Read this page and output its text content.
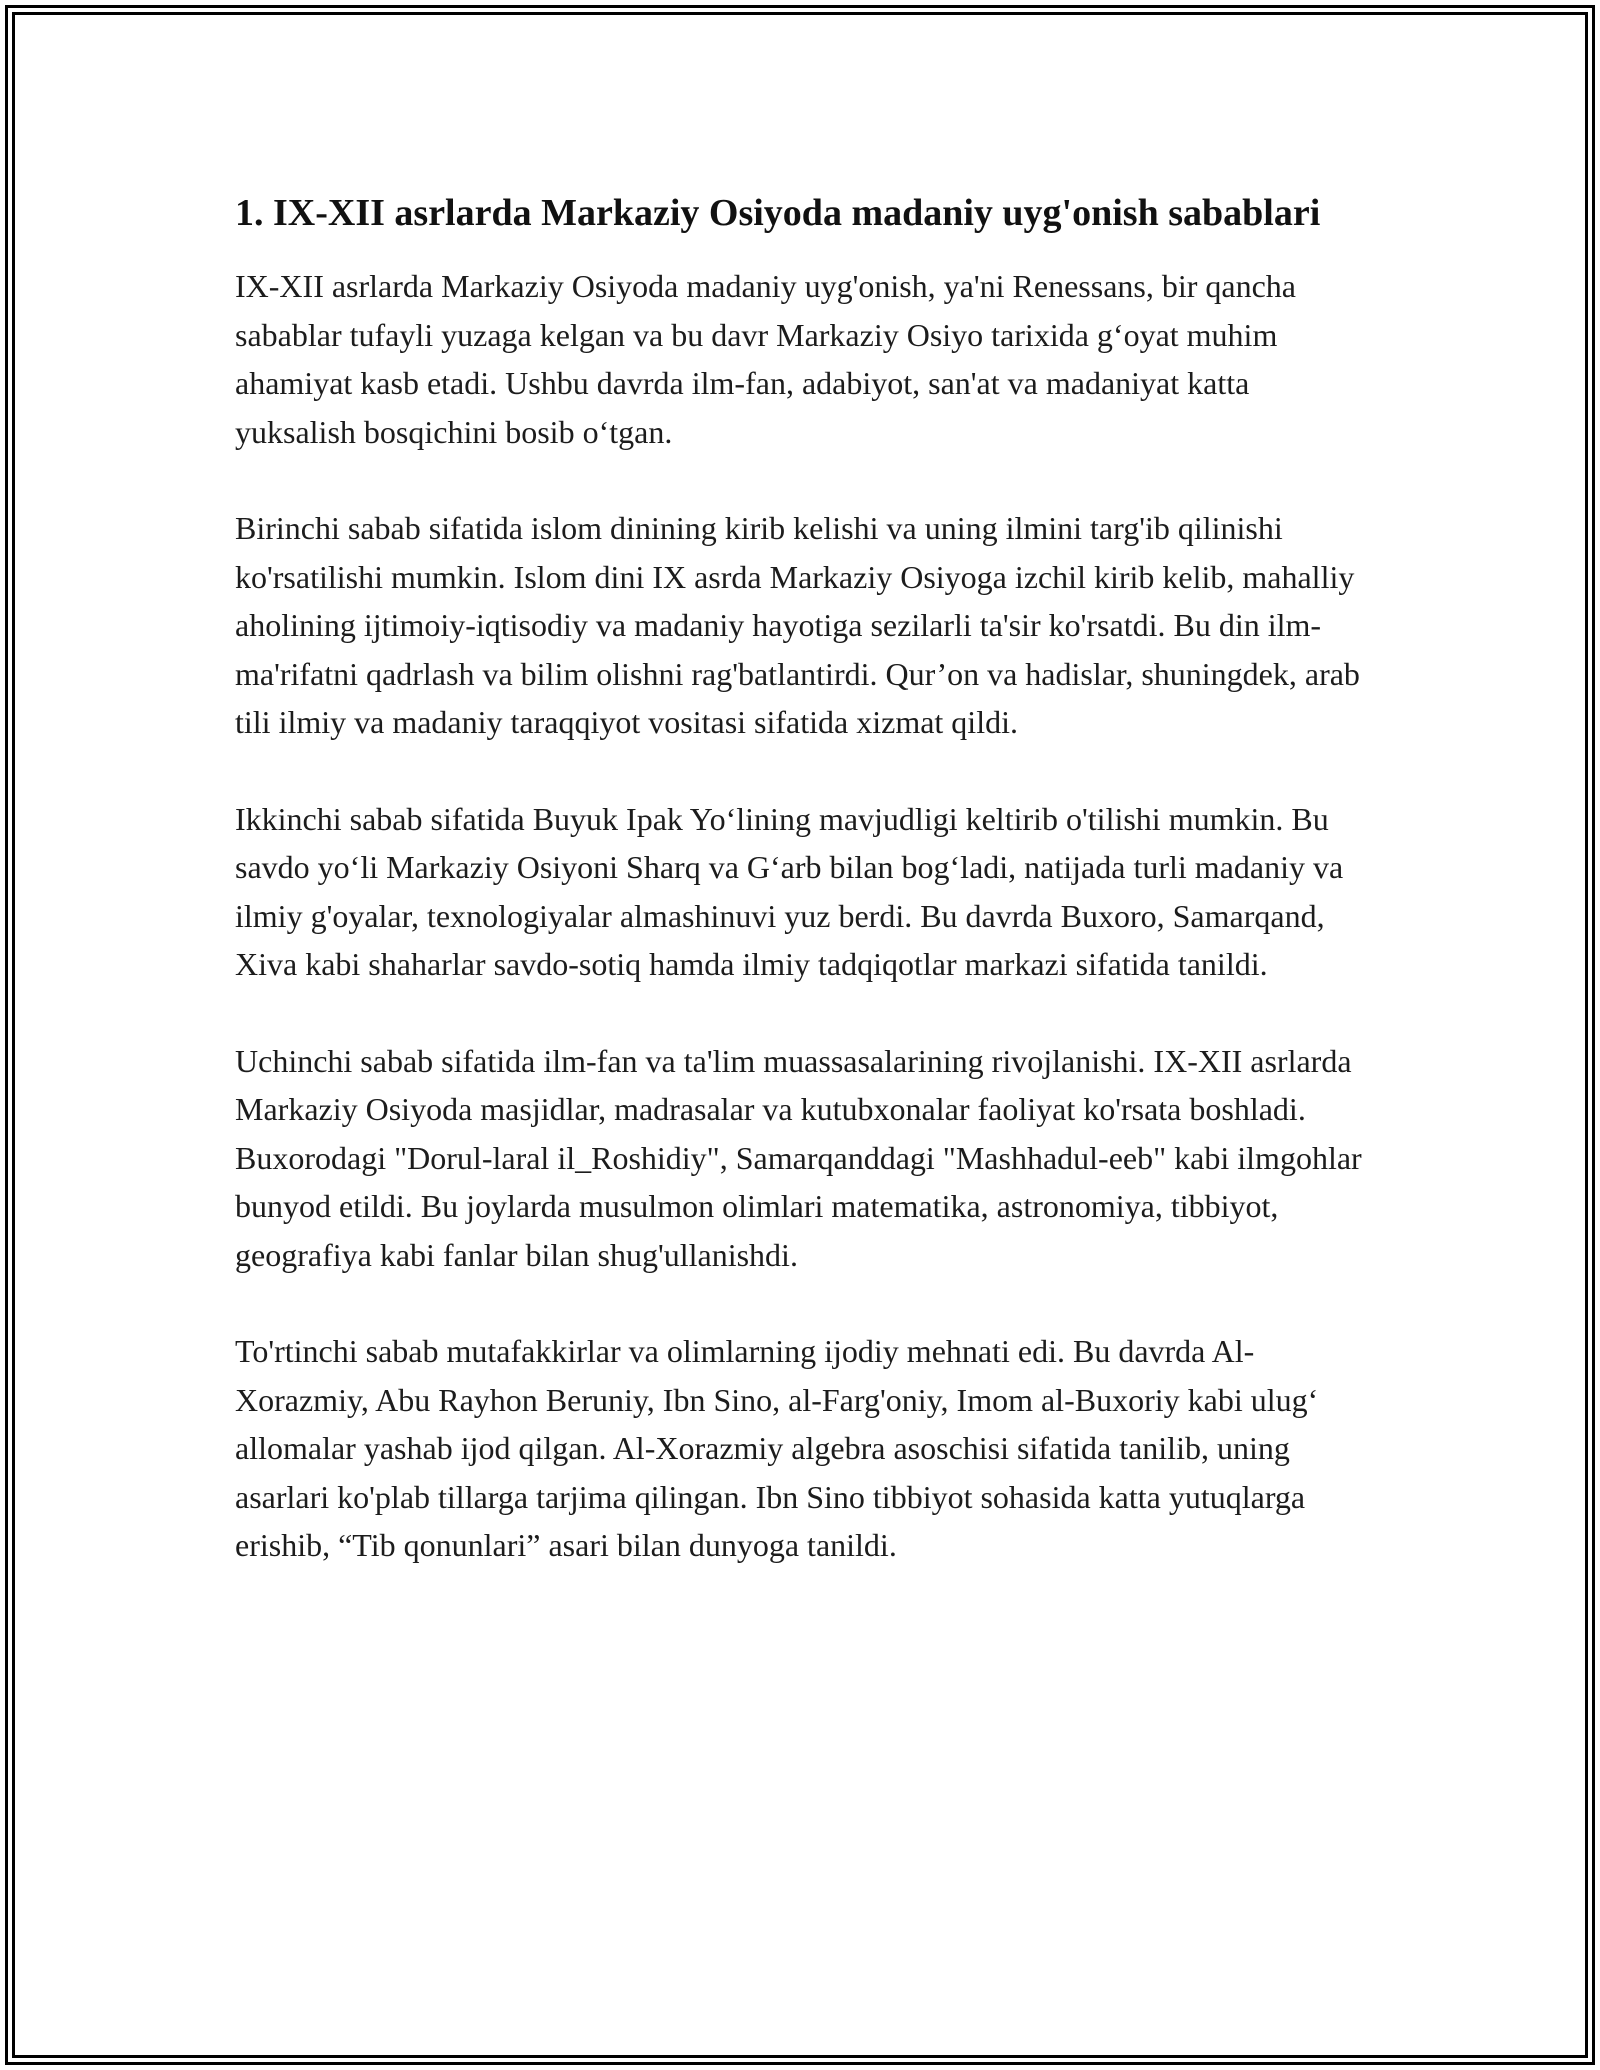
1. IX-XII asrlarda Markaziy Osiyoda madaniy uyg'onish sabablari

IX-XII asrlarda Markaziy Osiyoda madaniy uyg'onish, ya'ni Renessans, bir qancha sabablar tufayli yuzaga kelgan va bu davr Markaziy Osiyo tarixida g‘oyat muhim ahamiyat kasb etadi. Ushbu davrda ilm-fan, adabiyot, san'at va madaniyat katta yuksalish bosqichini bosib o‘tgan.

Birinchi sabab sifatida islom dinining kirib kelishi va uning ilmini targ'ib qilinishi ko'rsatilishi mumkin. Islom dini IX asrda Markaziy Osiyoga izchil kirib kelib, mahalliy aholining ijtimoiy-iqtisodiy va madaniy hayotiga sezilarli ta'sir ko'rsatdi. Bu din ilm-ma'rifatni qadrlash va bilim olishni rag'batlantirdi. Qur’on va hadislar, shuningdek, arab tili ilmiy va madaniy taraqqiyot vositasi sifatida xizmat qildi.

Ikkinchi sabab sifatida Buyuk Ipak Yo‘lining mavjudligi keltirib o'tilishi mumkin. Bu savdo yo‘li Markaziy Osiyoni Sharq va G‘arb bilan bog‘ladi, natijada turli madaniy va ilmiy g'oyalar, texnologiyalar almashinuvi yuz berdi. Bu davrda Buxoro, Samarqand, Xiva kabi shaharlar savdo-sotiq hamda ilmiy tadqiqotlar markazi sifatida tanildi.

Uchinchi sabab sifatida ilm-fan va ta'lim muassasalarining rivojlanishi. IX-XII asrlarda Markaziy Osiyoda masjidlar, madrasalar va kutubxonalar faoliyat ko'rsata boshladi. Buxorodagi "Dorul-laral il_Roshidiy", Samarqanddagi "Mashhadul-eeb" kabi ilmgohlar bunyod etildi. Bu joylarda musulmon olimlari matematika, astronomiya, tibbiyot, geografiya kabi fanlar bilan shug'ullanishdi.

To'rtinchi sabab mutafakkirlar va olimlarning ijodiy mehnati edi. Bu davrda Al-Xorazmiy, Abu Rayhon Beruniy, Ibn Sino, al-Farg'oniy, Imom al-Buxoriy kabi ulug‘ allomalar yashab ijod qilgan. Al-Xorazmiy algebra asoschisi sifatida tanilib, uning asarlari ko'plab tillarga tarjima qilingan. Ibn Sino tibbiyot sohasida katta yutuqlarga erishib, “Tib qonunlari” asari bilan dunyoga tanildi.
